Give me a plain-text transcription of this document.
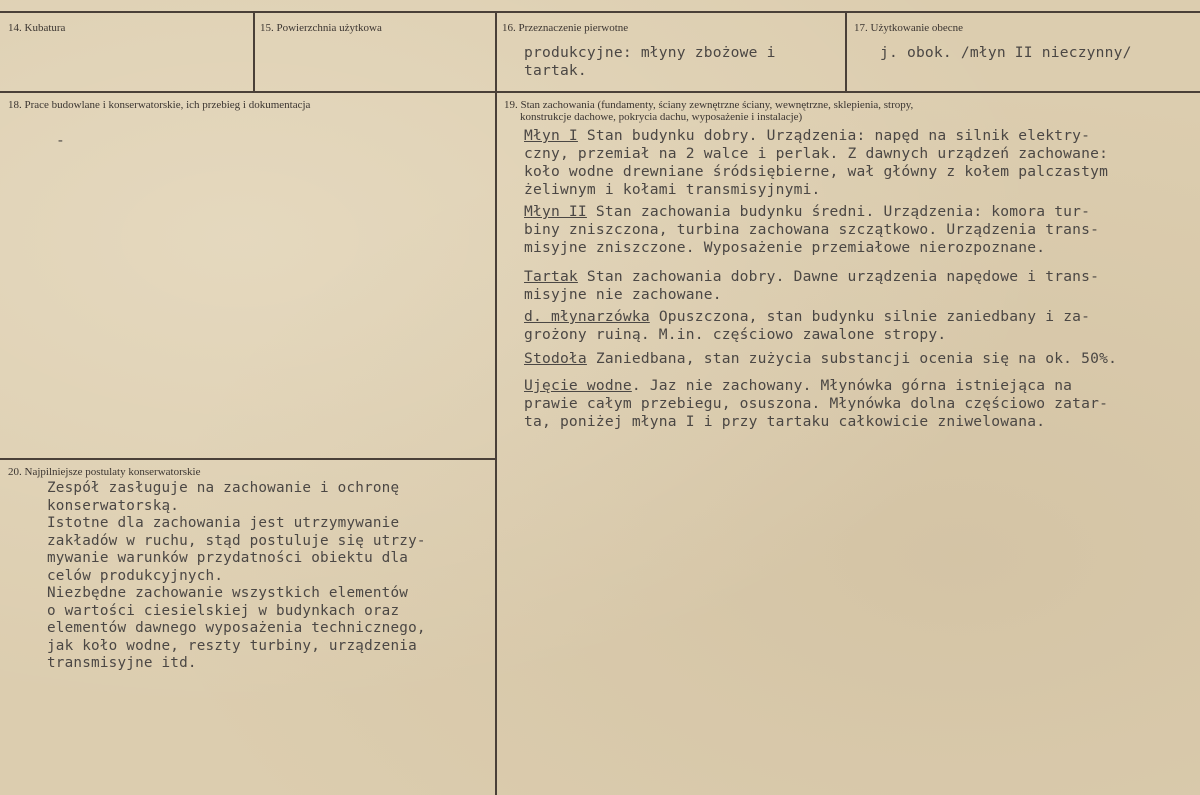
14. Kubatura	15. Powierzchnia użytkowa	16. Przeznaczenie pierwotne
produkcyjne: młyny zbożowe i
tartak.
17. Użytkowanie obecne
j. obok. /młyn II nieczynny/
18. Prace budowlane i konserwatorskie, ich przebieg i dokumentacja
-
19. Stan zachowania (fundamenty, ściany zewnętrzne ściany, wewnętrzne, sklepienia, stropy,
konstrukcje dachowe, pokrycia dachu, wyposażenie i instalacje)
Młyn I Stan budynku dobry. Urządzenia: napęd na silnik elektry-
czny, przemiał na 2 walce i perlak. Z dawnych urządzeń zachowane:
koło wodne drewniane śródsiębierne, wał główny z kołem palczastym
żeliwnym i kołami transmisyjnymi.
Młyn II Stan zachowania budynku średni. Urządzenia: komora tur-
biny zniszczona, turbina zachowana szczątkowo. Urządzenia trans-
misyjne zniszczone. Wyposażenie przemiałowe nierozpoznane.
Tartak Stan zachowania dobry. Dawne urządzenia napędowe i trans-
misyjne nie zachowane.
d. młynarzówka Opuszczona, stan budynku silnie zaniedbany i za-
grożony ruiną. M.in. częściowo zawalone stropy.
Stodoła Zaniedbana, stan zużycia substancji ocenia się na ok. 50%.
Ujęcie wodne. Jaz nie zachowany. Młynówka górna istniejąca na
prawie całym przebiegu, osuszona. Młynówka dolna częściowo zatar-
ta, poniżej młyna I i przy tartaku całkowicie zniwelowana.
20. Najpilniejsze postulaty konserwatorskie
Zespół zasługuje na zachowanie i ochronę
konserwatorską.
Istotne dla zachowania jest utrzymywanie
zakładów w ruchu, stąd postuluje się utrzy-
mywanie warunków przydatności obiektu dla
celów produkcyjnych.
Niezbędne zachowanie wszystkich elementów
o wartości ciesielskiej w budynkach oraz
elementów dawnego wyposażenia technicznego,
jak koło wodne, reszty turbiny, urządzenia
transmisyjne itd.
